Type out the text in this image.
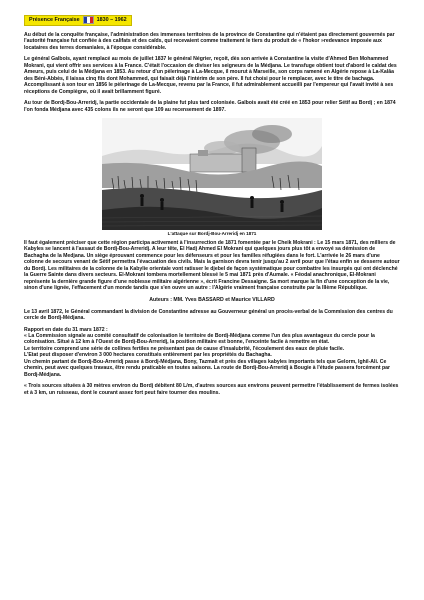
Présence Française	1830 – 1962

Au début de la conquête française, l'administration des immenses territoires de la province de Constantine qui n'étaient pas directement gouvernés par l'autorité française fut confiée à des califats et des caïds, qui recevaient comme traitement le tiers du produit de « l'hokor »redevance imposée aux locataires des terres domaniales, à l'époque considérable.

Le général Galbois, ayant remplacé au mois de juillet 1837 le général Négrier, reçoit, dès son arrivée à Constantine la visite d'Ahmed Ben Mohammed Mokrani, qui vient offrir ses services à la France. C'était l'occasion de diviser les seigneurs de la Médjana. Le transfuge obtient tout d'abord le caïdat des Ameurs, puis celui de la Médjana en 1853. Au retour d'un pèlerinage à La-Mecque, il mourut à Marseille, son corps ramené en Algérie repose à La-Kalâa des Béni-Abbès, il laissa cinq fils dont Mohammed, qui faisait déjà l'intérim de son père. Il fut choisi pour le remplacer, avec le titre de bachaga. Accomplissant à son tour en 1856 le pèlerinage de La-Mecque, revenu par la France, il fut admirablement accueilli par l'empereur qui l'avait invité à ses réceptions de Compiègne, où il avait brillamment figuré.

Au tour de Bordj-Bou-Arreridj, la partie occidentale de la plaine fut plus tard colonisée. Galbois avait été créé en 1853 pour relier Sétif au Bordj ; en 1874 l'on fonda Médjana avec 435 colons ils ne seront que 109 au recensement de 1897.

L'attaque sur Bordj-Bou-Arreridj en 1871

Il faut également préciser que cette région participa activement à l'insurrection de 1871 fomentée par le Cheik Mokrani : Le 15 mars 1871, des milliers de Kabyles se lancent à l'assaut de Bordj-Bou-Arreridj. A leur tête, El Hadj Ahmed El Mokrani qui quelques jours plus tôt a envoyé sa démission de Bachagha de la Medjana. Un siège éprouvant commence pour les défenseurs et pour les familles réfugiées dans le fort. L'arrivée le 26 mars d'une colonne de secours venant de Sétif permettra l'évacuation des civils. Mais la garnison devra tenir jusqu'au 2 avril pour que l'étau enfin se desserre autour du Bordj. Les militaires de la colonne de la Kabylie orientale vont ratisser le djebel de façon systématique pour combattre les insurgés qui ont déclenché la Guerre Sainte dans divers secteurs. El-Mokrani tombera mortellement blessé le 5 mai 1871 près d'Aumale. « Féodal anachronique, El-Mokrani représente la dernière grande figure d'une noblesse militaire algérienne », écrit Francine Dessaigne. Sa mort marque la fin d'une conception de la vie, sinon d'une lignée, l'effacement d'un monde tandis que s'en ouvre un autre : l'Algérie vraiment française construite par la IIIème République.

Auteurs : MM. Yves BASSARD et Maurice VILLARD

Le 13 avril 1872, le Général commandant la division de Constantine adresse au Gouverneur général un procès-verbal de la Commission des centres du cercle de Bordj-Médjana.

Rapport en date du 31 mars 1872 :
« La Commission signale au comité consultatif de colonisation le territoire de Bordj-Médjana comme l'un des plus avantageux du cercle pour la colonisation. Situé à 12 km à l'Ouest de Bordj-Bou-Arreridj, la position militaire est bonne, l'enceinte facile à remettre en état.
Le territoire comprend une série de collines fertiles ne présentant pas de cause d'insalubrité, l'écoulement des eaux de pluie facile.
L'Etat peut disposer d'environ 3 000 hectares constitués entièrement par les propriétés du Bachagha.
Un chemin partant de Bordj-Bou-Arreridj passe à Bordj-Médjana, Bony, Tazmalt et près des villages kabyles importants tels que Gelorm, Ighil-Ali. Ce chemin, peut avec quelques travaux, être rendu praticable en toutes saisons. La route de Bordj-Bou-Arreridj à Bougie à l'étude passera forcément par Bordj-Médjana.

« Trois sources situées à 30 mètres environ du Bordj débitent 80 L/m, d'autres sources aux environs peuvent permettre l'établissement de fermes isolées et à 3 km, un ruisseau, dont le courant assez fort peut faire tourner des moulins.
